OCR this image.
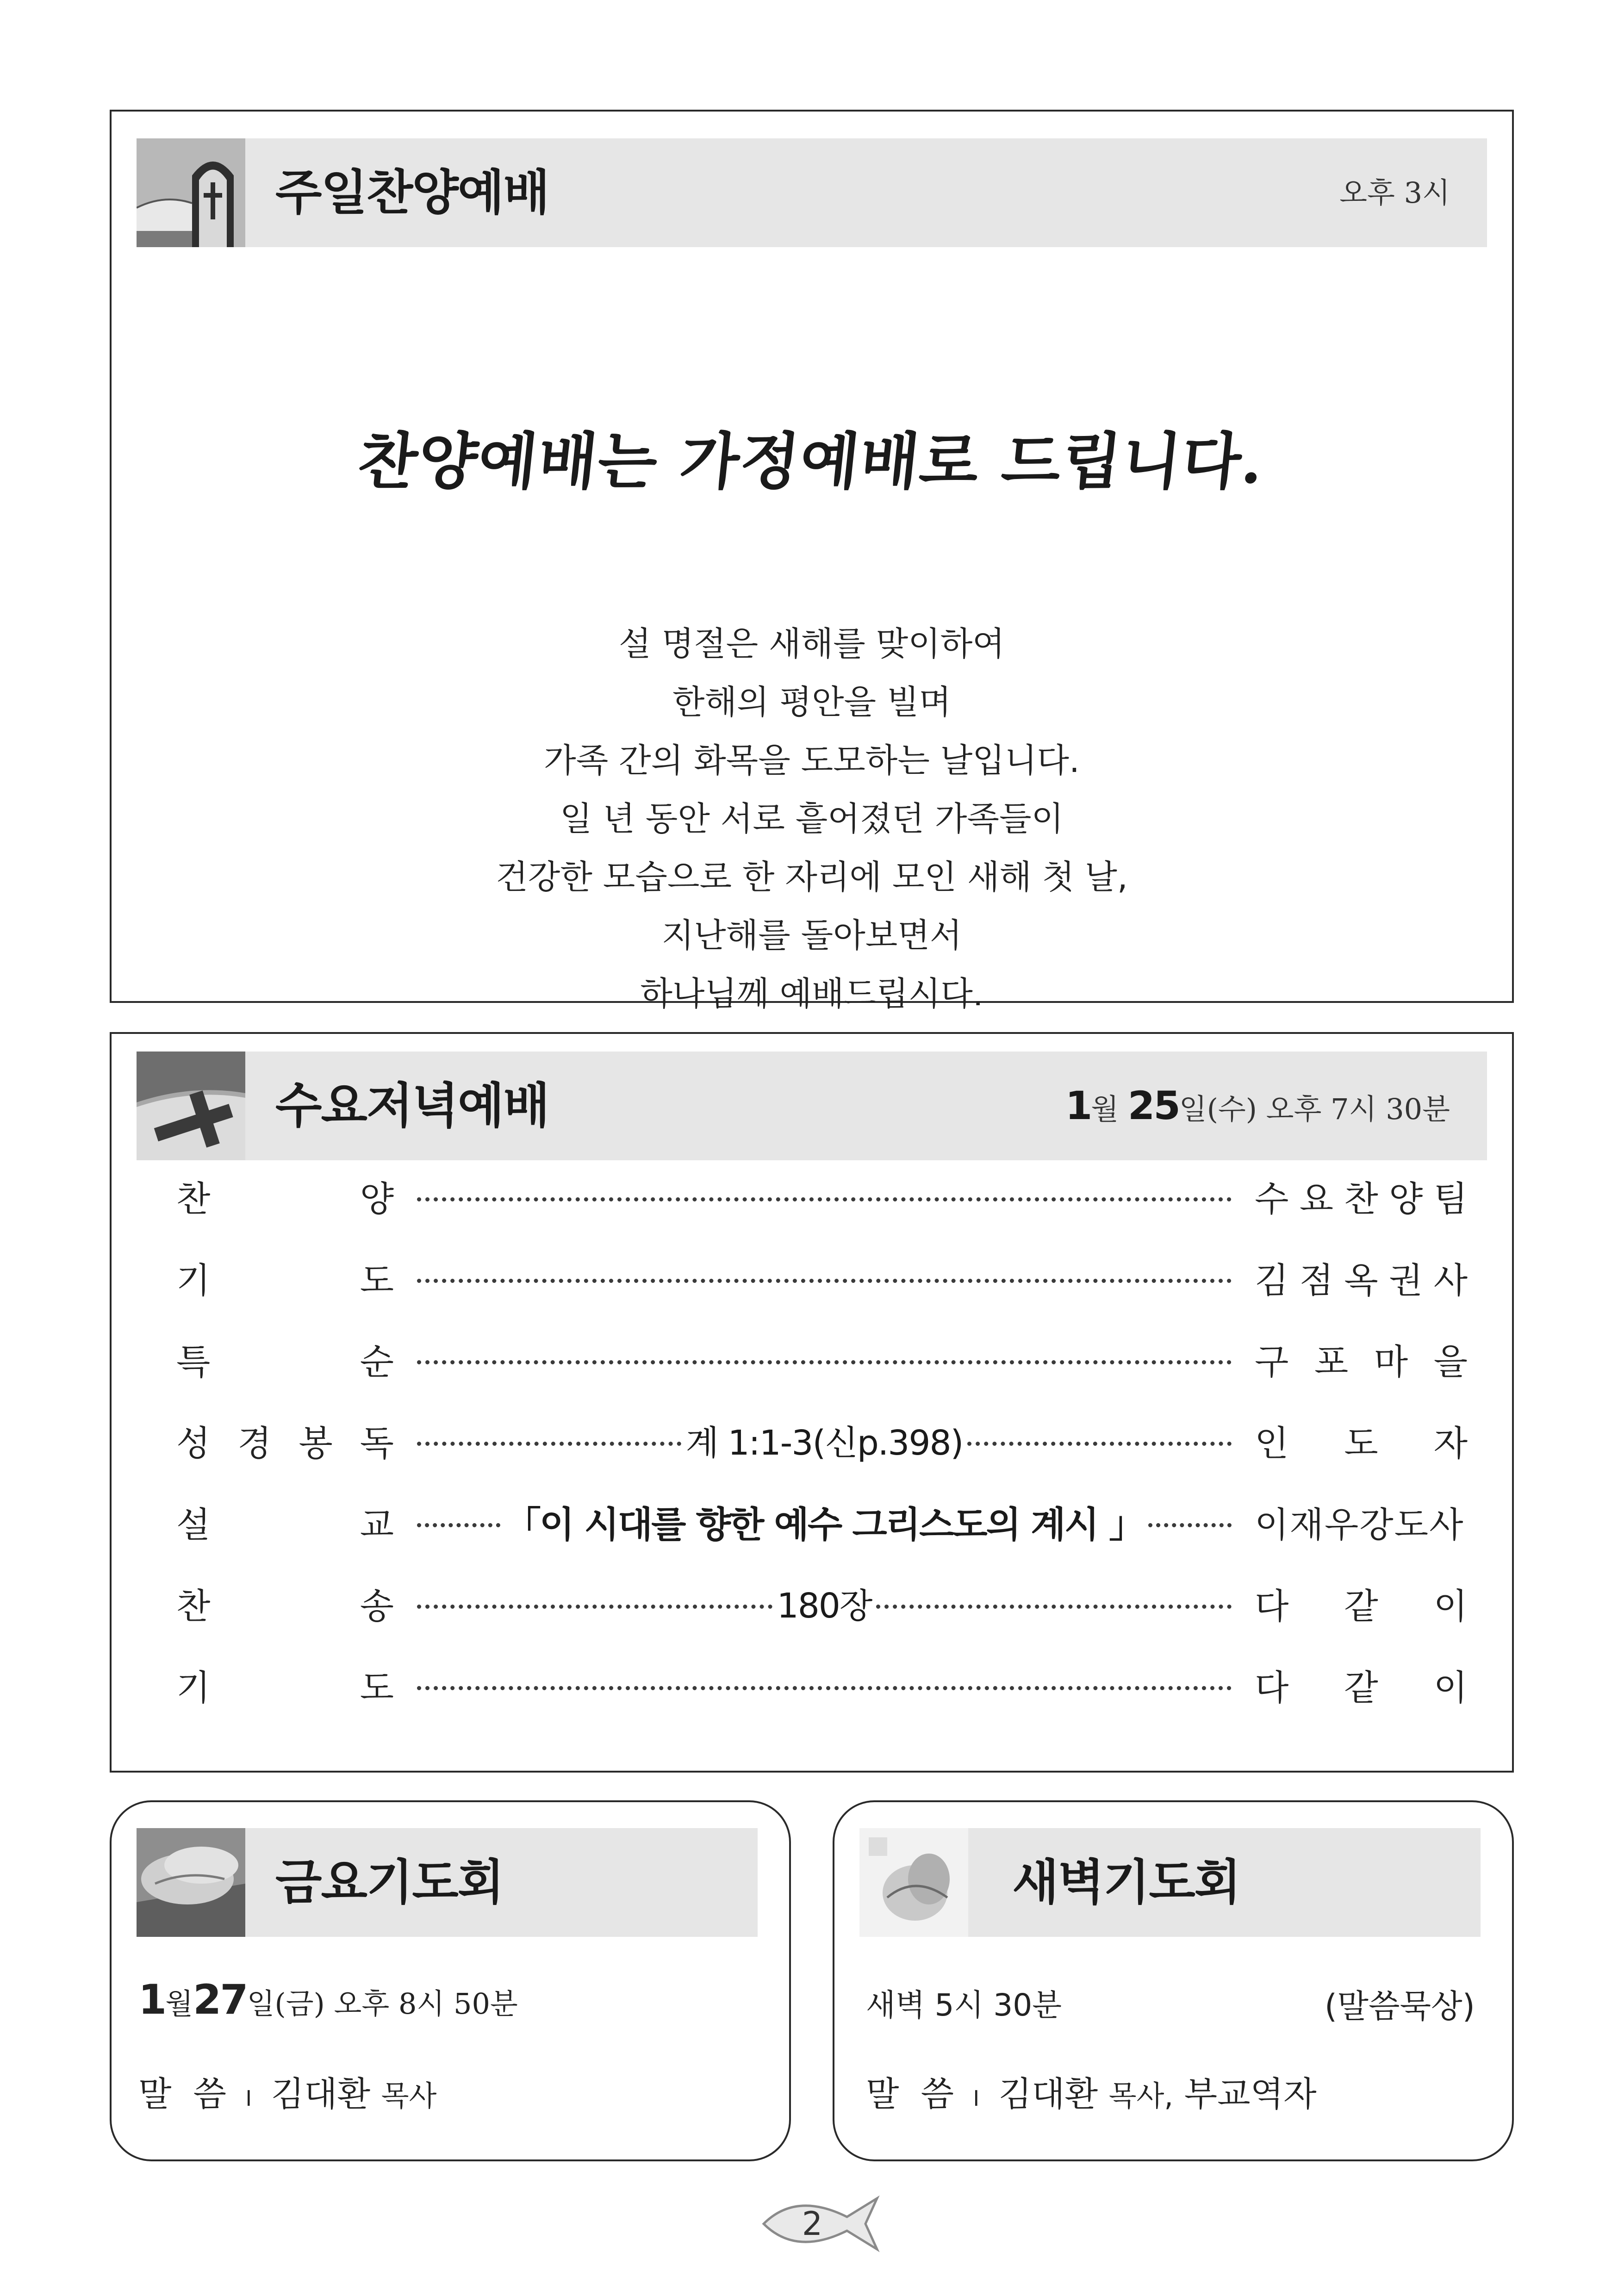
주일찬양예배	오후 3시
찬양예배는 가정예배로 드립니다.
설 명절은 새해를 맞이하여
한해의 평안을 빌며
가족 간의 화목을 도모하는 날입니다.
일 년 동안 서로 흩어졌던 가족들이
건강한 모습으로 한 자리에 모인 새해 첫 날,
지난해를 돌아보면서
하나님께 예배드립시다.
수요저녁예배	1월 25일(수) 오후 7시 30분
찬	양	수 요 찬 양 팀
기	도	김 점 옥 권 사
특	순	구 포 마 을
성 경 봉 독	계 1:1-3(신p.398)	인 도 자
설	교	「이 시대를 향한 예수 그리스도의 계시 」	이재우강도사
찬	송	180장	다 같 이
기	도	다 같 이
금요기도회
1월27일(금) 오후 8시 50분
말  씀 I 김대환 목사
새벽기도회
새벽 5시 30분	(말씀묵상)
말  씀 I 김대환 목사, 부교역자
2
